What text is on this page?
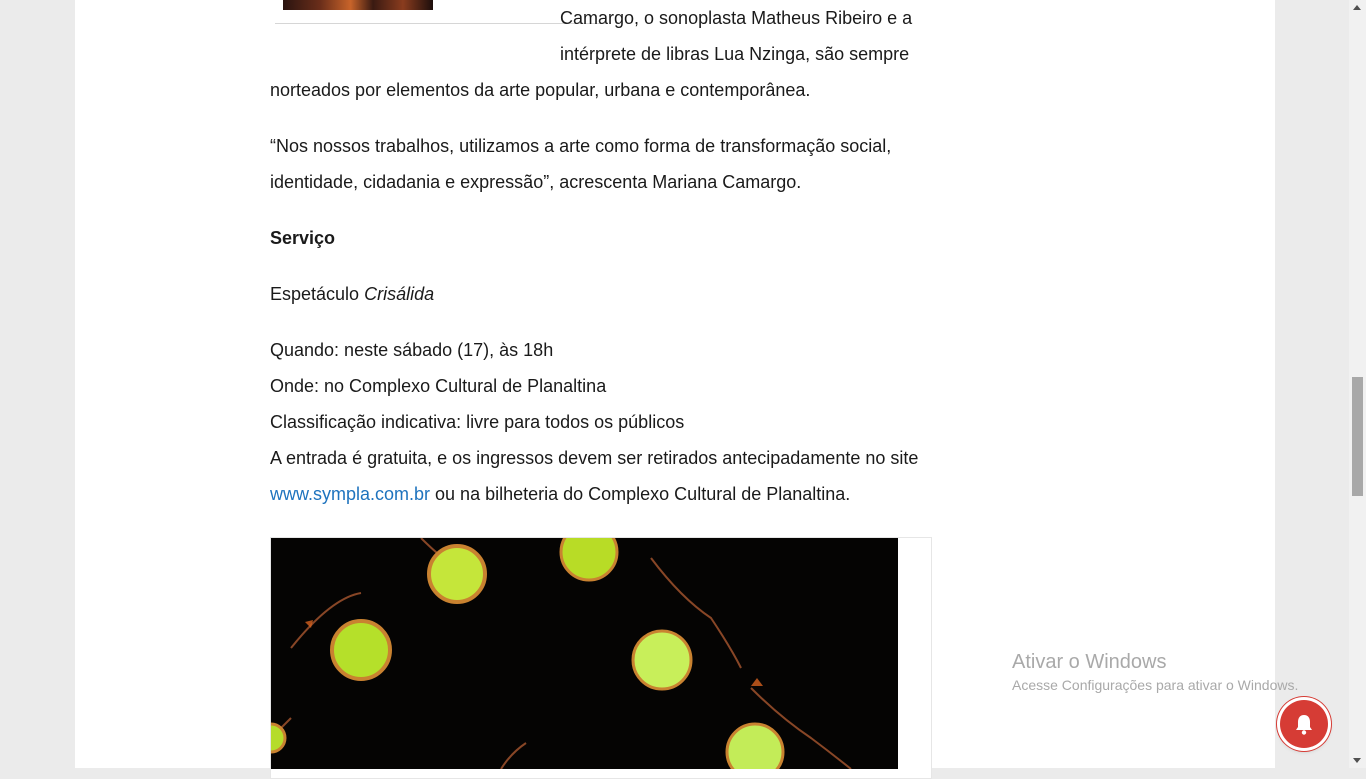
Camargo, o sonoplasta Matheus Ribeiro e a

intérprete de libras Lua Nzinga, são sempre

norteados por elementos da arte popular, urbana e contemporânea.

“Nos nossos trabalhos, utilizamos a arte como forma de transformação social, identidade, cidadania e expressão”, acrescenta Mariana Camargo.

Serviço

Espetáculo Crisálida

Quando: neste sábado (17), às 18h

Onde: no Complexo Cultural de Planaltina

Classificação indicativa: livre para todos os públicos

A entrada é gratuita, e os ingressos devem ser retirados antecipadamente no site

www.sympla.com.br ou na bilheteria do Complexo Cultural de Planaltina.

Ativar o Windows
Acesse Configurações para ativar o Windows.
